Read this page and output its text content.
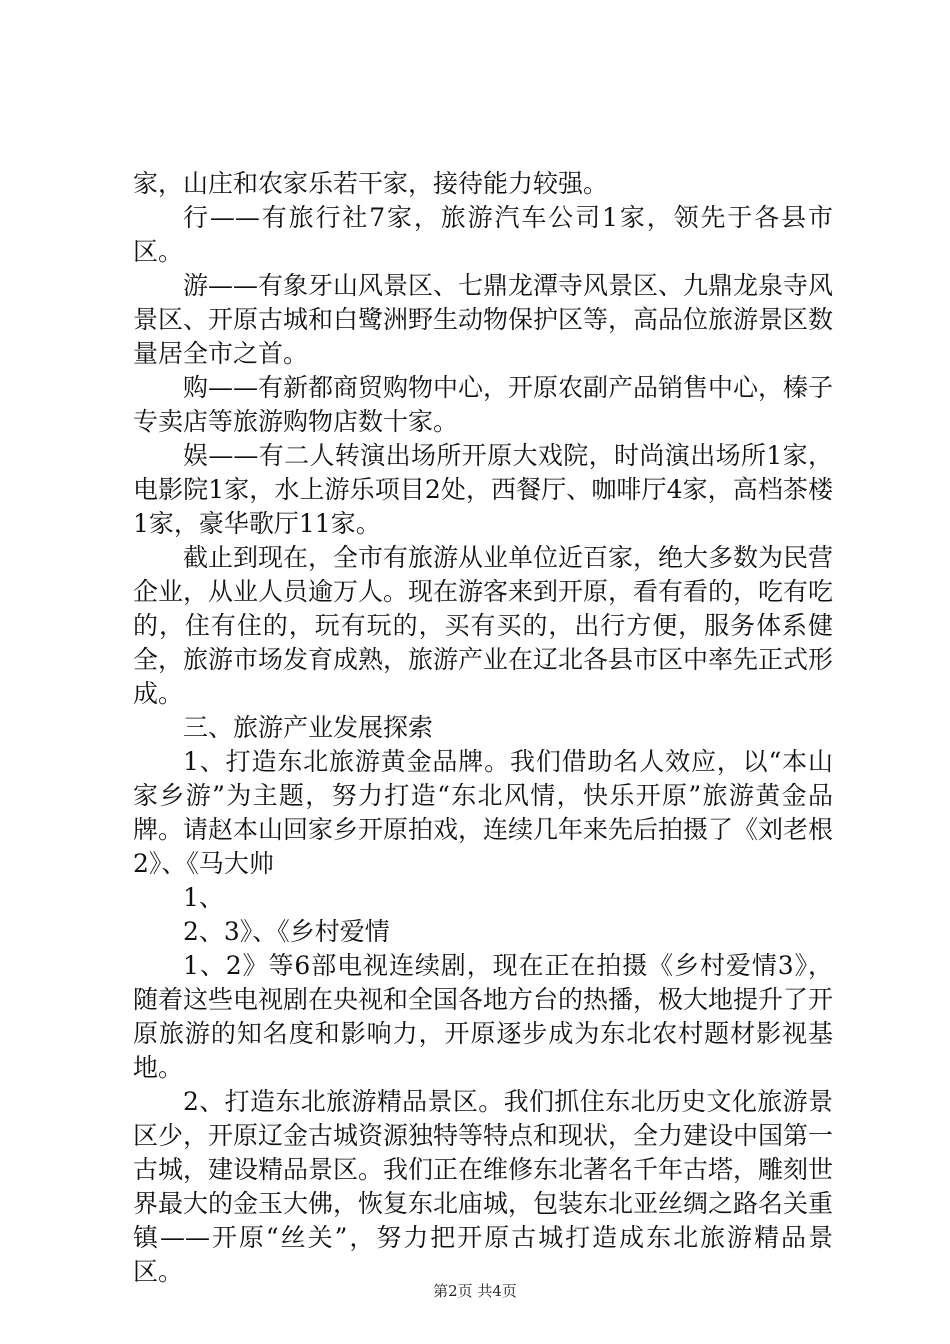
家，山庄和农家乐若干家，接待能力较强。

行——有旅行社7家，旅游汽车公司1家，领先于各县市区。

游——有象牙山风景区、七鼎龙潭寺风景区、九鼎龙泉寺风景区、开原古城和白鹭洲野生动物保护区等，高品位旅游景区数量居全市之首。

购——有新都商贸购物中心，开原农副产品销售中心，榛子专卖店等旅游购物店数十家。

娱——有二人转演出场所开原大戏院，时尚演出场所1家，电影院1家，水上游乐项目2处，西餐厅、咖啡厅4家，高档茶楼1家，豪华歌厅11家。

截止到现在，全市有旅游从业单位近百家，绝大多数为民营企业，从业人员逾万人。现在游客来到开原，看有看的，吃有吃的，住有住的，玩有玩的，买有买的，出行方便，服务体系健全，旅游市场发育成熟，旅游产业在辽北各县市区中率先正式形成。

三、旅游产业发展探索

1、打造东北旅游黄金品牌。我们借助名人效应，以“本山家乡游”为主题，努力打造“东北风情，快乐开原”旅游黄金品牌。请赵本山回家乡开原拍戏，连续几年来先后拍摄了《刘老根2》、《马大帅

1、

2、3》、《乡村爱情

1、2》等6部电视连续剧，现在正在拍摄《乡村爱情3》，随着这些电视剧在央视和全国各地方台的热播，极大地提升了开原旅游的知名度和影响力，开原逐步成为东北农村题材影视基地。

2、打造东北旅游精品景区。我们抓住东北历史文化旅游景区少，开原辽金古城资源独特等特点和现状，全力建设中国第一古城，建设精品景区。我们正在维修东北著名千年古塔，雕刻世界最大的金玉大佛，恢复东北庙城，包装东北亚丝绸之路名关重镇——开原“丝关”，努力把开原古城打造成东北旅游精品景区。

第2页 共4页
